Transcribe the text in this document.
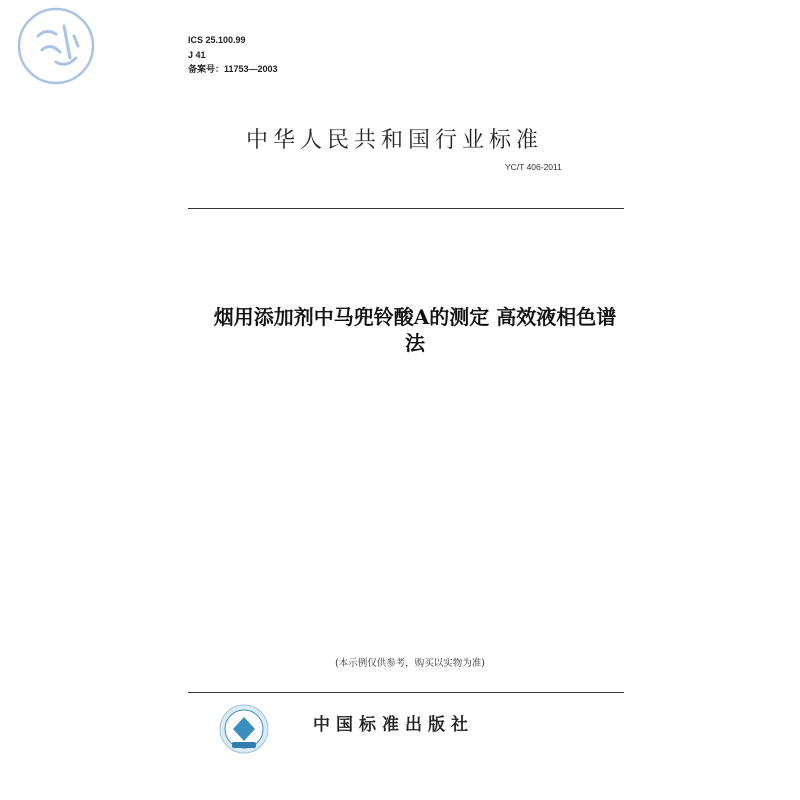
ICS 25.100.99
J 41
备案号：11753—2003
中华人民共和国行业标准
YC/T 406-2011
烟用添加剂中马兜铃酸A的测定 高效液相色谱
法
(本示例仅供参考，购买以实物为准)
中国标准出版社
